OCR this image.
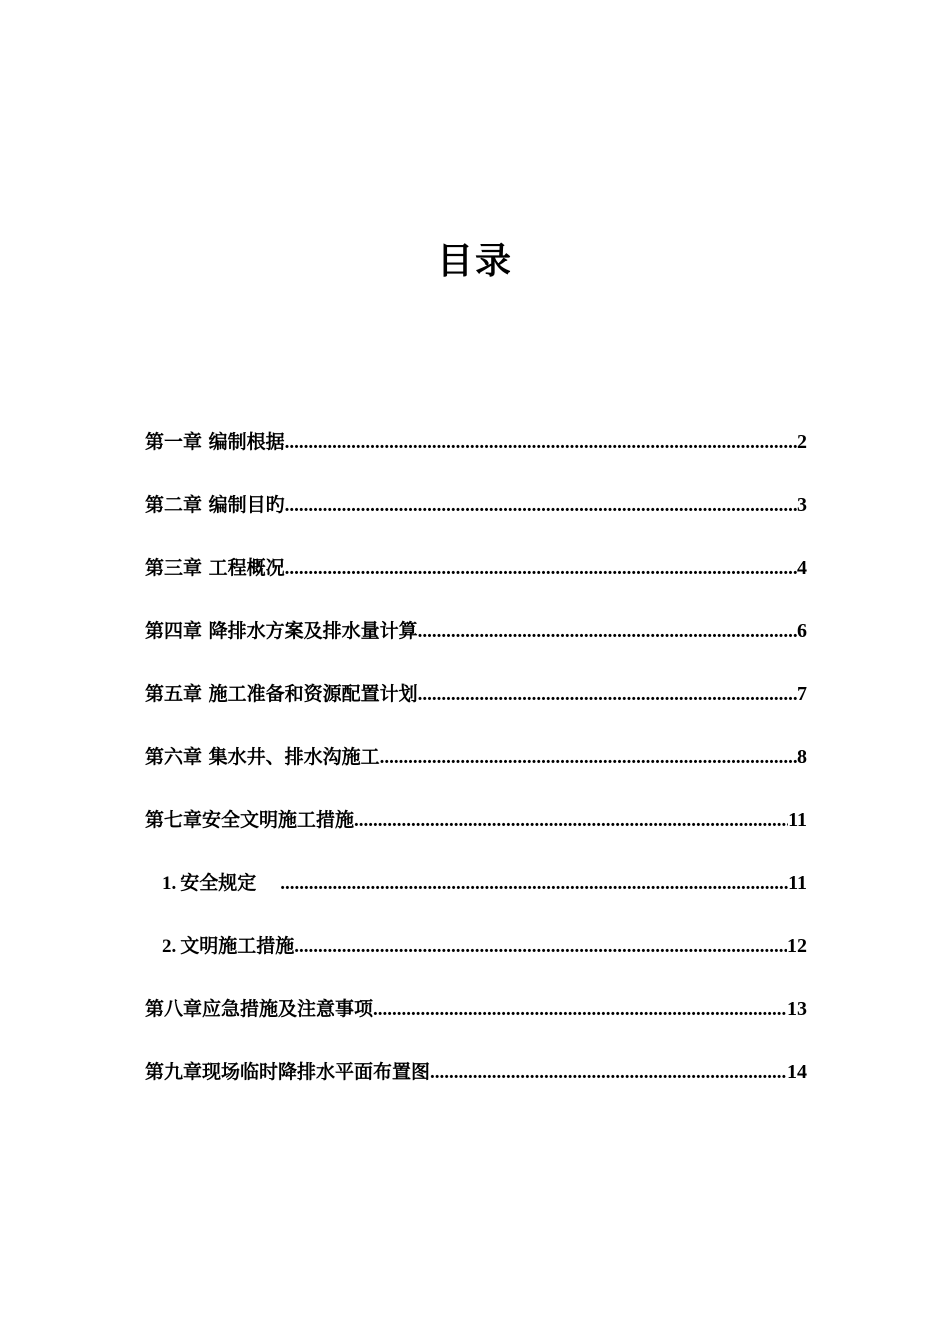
目录
第一章 编制根据 .....	2
第二章 编制目旳 .....	3
第三章 工程概况 .....	4
第四章 降排水方案及排水量计算 .....	6
第五章 施工准备和资源配置计划 .....	7
第六章 集水井、排水沟施工 .....	8
第七章安全文明施工措施 .....	11
1. 安全规定 .....	11
2. 文明施工措施 .....	12
第八章应急措施及注意事项 .....	13
第九章现场临时降排水平面布置图 .....	14
